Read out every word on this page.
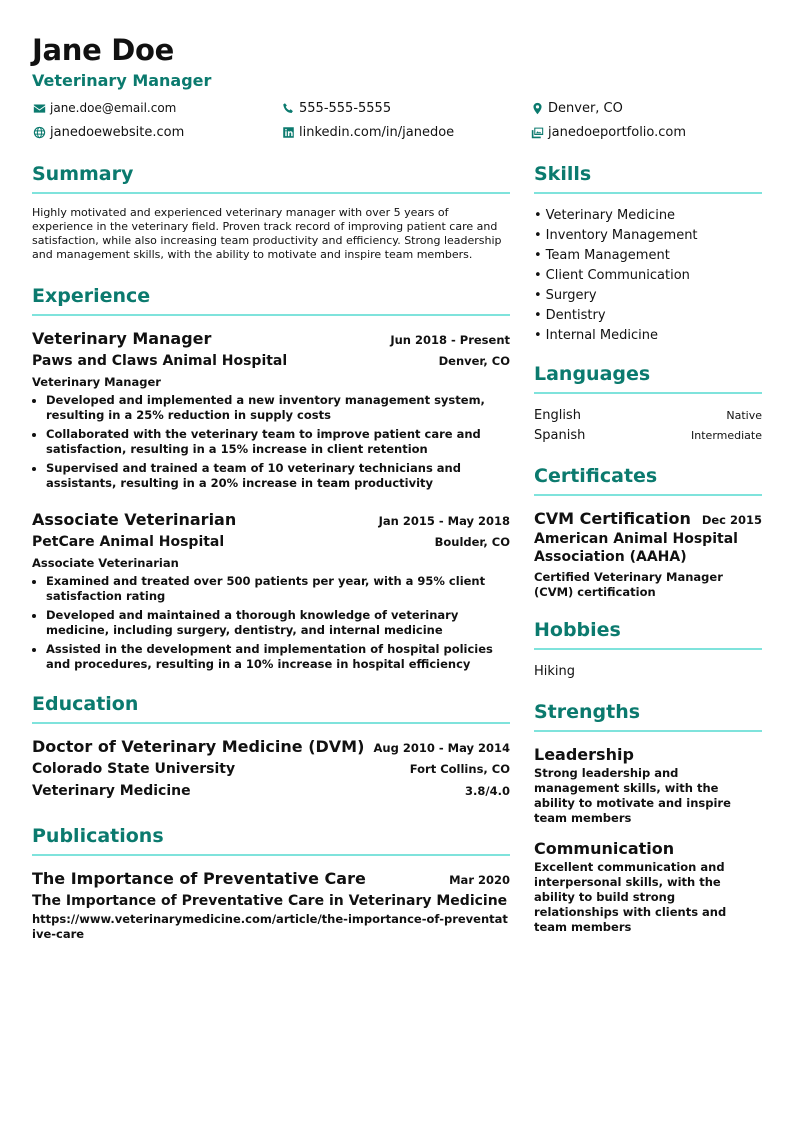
Jane Doe
Veterinary Manager
jane.doe@email.com	555-555-5555	Denver, CO
janedoewebsite.com	linkedin.com/in/janedoe	janedoeportfolio.com
Summary

Highly motivated and experienced veterinary manager with over 5 years of experience in the veterinary field. Proven track record of improving patient care and satisfaction, while also increasing team productivity and efficiency. Strong leadership and management skills, with the ability to motivate and inspire team members.

Experience
Veterinary Manager	Jun 2018 - Present
Paws and Claws Animal Hospital	Denver, CO
Veterinary Manager
• Developed and implemented a new inventory management system, resulting in a 25% reduction in supply costs
• Collaborated with the veterinary team to improve patient care and satisfaction, resulting in a 15% increase in client retention
• Supervised and trained a team of 10 veterinary technicians and assistants, resulting in a 20% increase in team productivity
Associate Veterinarian	Jan 2015 - May 2018
PetCare Animal Hospital	Boulder, CO
Associate Veterinarian
• Examined and treated over 500 patients per year, with a 95% client satisfaction rating
• Developed and maintained a thorough knowledge of veterinary medicine, including surgery, dentistry, and internal medicine
• Assisted in the development and implementation of hospital policies and procedures, resulting in a 10% increase in hospital efficiency
Education
Doctor of Veterinary Medicine (DVM) Aug 2010 - May 2014
Colorado State University	Fort Collins, CO
Veterinary Medicine	3.8/4.0
Publications
The Importance of Preventative Care	Mar 2020
The Importance of Preventative Care in Veterinary Medicine
https://www.veterinarymedicine.com/article/the-importance-of-preventative-care
Skills
• Veterinary Medicine
• Inventory Management
• Team Management
• Client Communication
• Surgery
• Dentistry
• Internal Medicine
Languages
English	Native
Spanish	Intermediate
Certificates
CVM Certification Dec 2015
American Animal Hospital Association (AAHA)
Certified Veterinary Manager (CVM) certification
Hobbies
Hiking
Strengths
Leadership
Strong leadership and management skills, with the ability to motivate and inspire team members
Communication
Excellent communication and interpersonal skills, with the ability to build strong relationships with clients and team members
